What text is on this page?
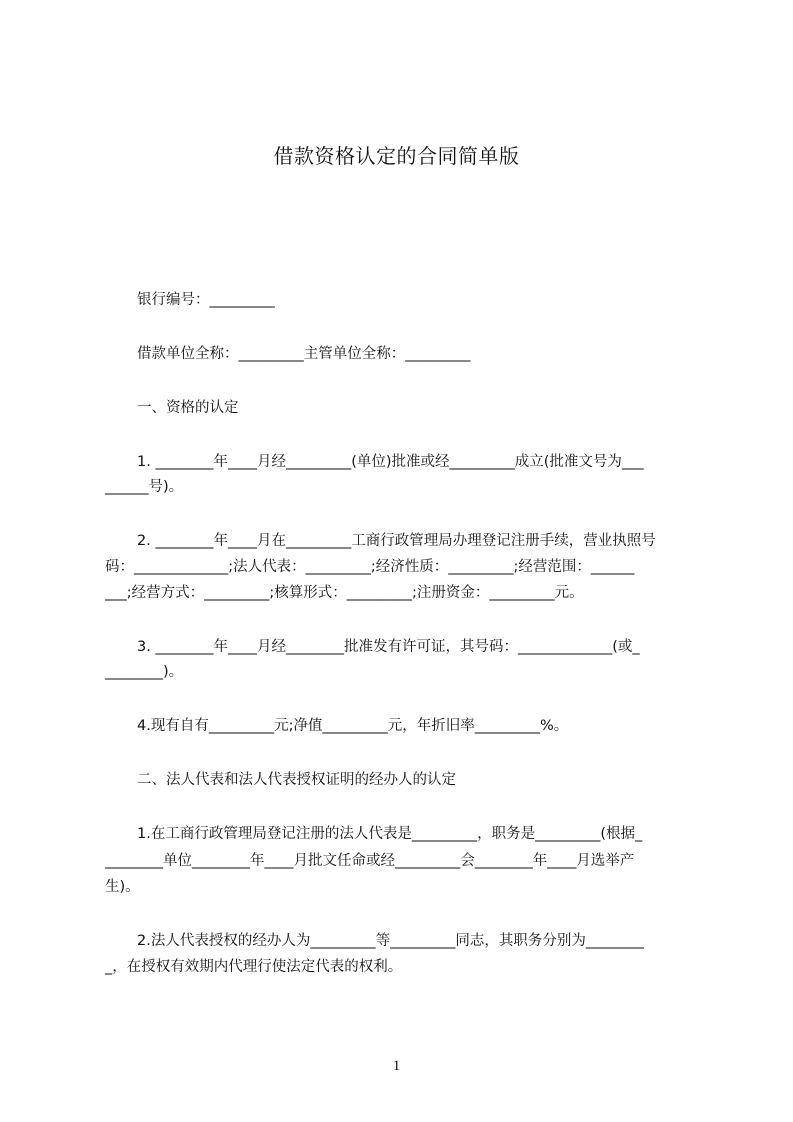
借款资格认定的合同简单版

银行编号：_________

借款单位全称：_________主管单位全称：_________

一、资格的认定

1. ________年____月经_________(单位)批准或经_________成立(批准文号为___

______号)。

2. ________年____月在_________工商行政管理局办理登记注册手续，营业执照号

码：_____________;法人代表：_________;经济性质：_________;经营范围：______

___;经营方式：_________;核算形式：_________;注册资金：_________元。

3. ________年____月经________批准发有许可证，其号码：_____________(或_

________)。

4.现有自有_________元;净值_________元，年折旧率_________%。

二、法人代表和法人代表授权证明的经办人的认定

1.在工商行政管理局登记注册的法人代表是_________，职务是_________(根据_

________单位________年____月批文任命或经_________会________年____月选举产

生)。

2.法人代表授权的经办人为_________等_________同志，其职务分别为________

_，在授权有效期内代理行使法定代表的权利。

1
